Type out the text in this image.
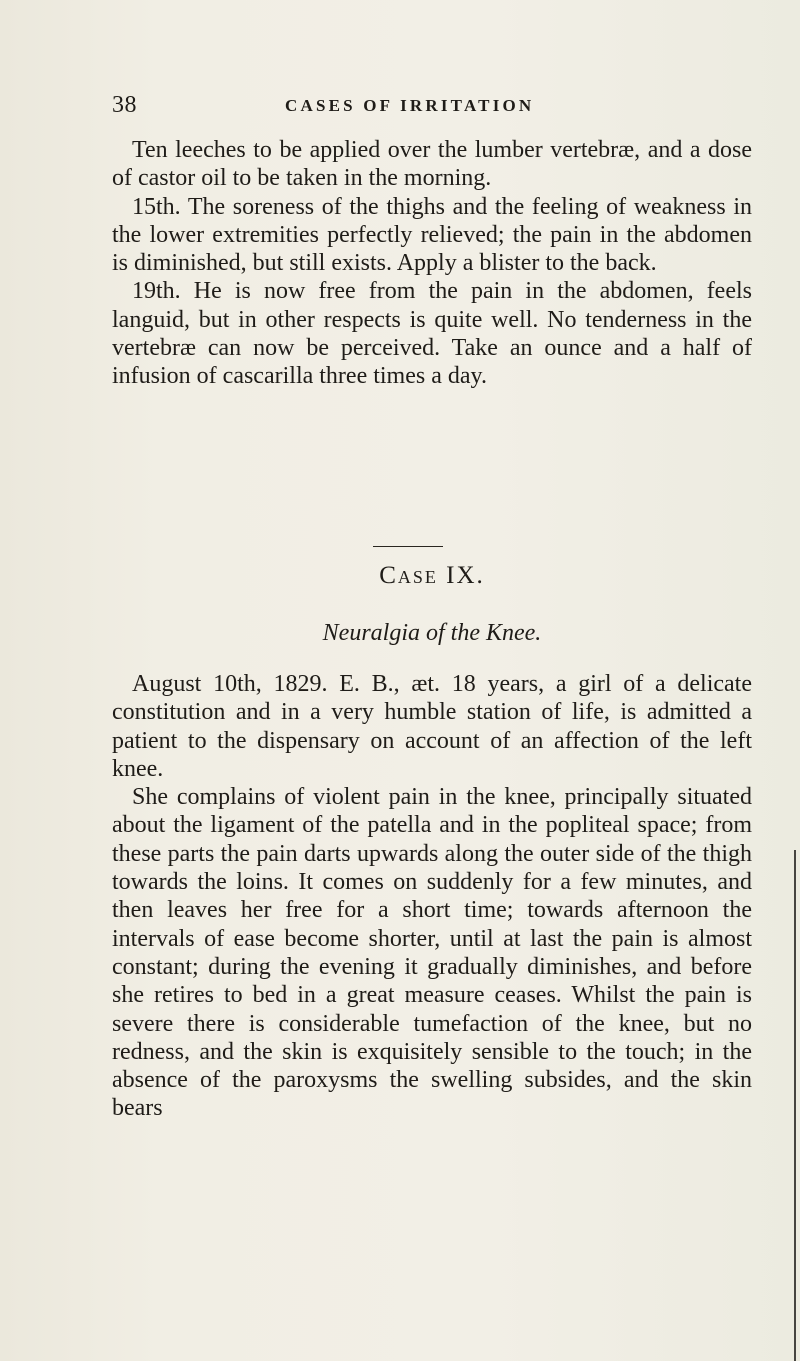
38	CASES OF IRRITATION

Ten leeches to be applied over the lumber vertebræ, and a dose of castor oil to be taken in the morning.

15th. The soreness of the thighs and the feeling of weakness in the lower extremities perfectly relieved; the pain in the abdomen is diminished, but still exists. Apply a blister to the back.

19th. He is now free from the pain in the abdomen, feels languid, but in other respects is quite well. No tenderness in the vertebræ can now be perceived. Take an ounce and a half of infusion of cascarilla three times a day.

Case IX.
Neuralgia of the Knee.

August 10th, 1829. E. B., æt. 18 years, a girl of a delicate constitution and in a very humble station of life, is admitted a patient to the dispensary on account of an affection of the left knee.

She complains of violent pain in the knee, principally situated about the ligament of the patella and in the popliteal space; from these parts the pain darts upwards along the outer side of the thigh towards the loins. It comes on suddenly for a few minutes, and then leaves her free for a short time; towards afternoon the intervals of ease become shorter, until at last the pain is almost constant; during the evening it gradually diminishes, and before she retires to bed in a great measure ceases. Whilst the pain is severe there is considerable tumefaction of the knee, but no redness, and the skin is exquisitely sensible to the touch; in the absence of the paroxysms the swelling subsides, and the skin bears
